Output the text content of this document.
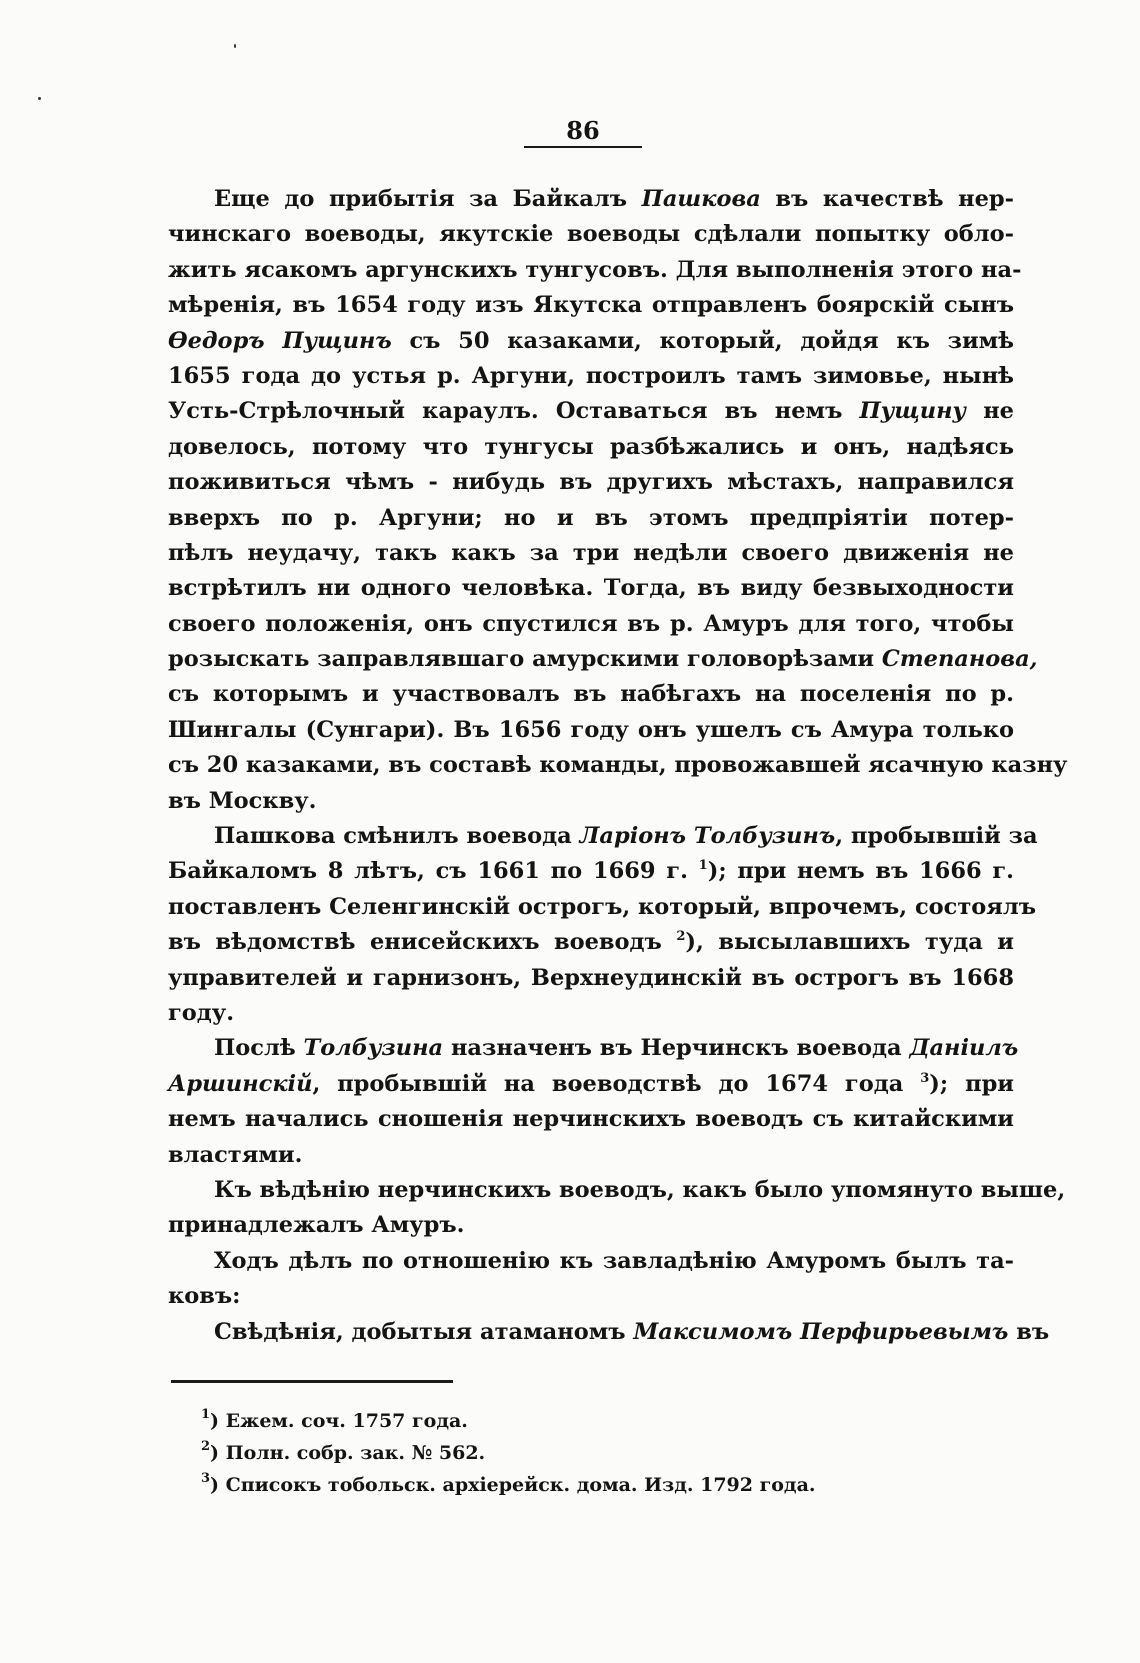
86
Еще до прибытія за Байкалъ Пашкова въ качествѣ нер-
чинскаго воеводы, якутскіе воеводы сдѣлали попытку обло-
жить ясакомъ аргунскихъ тунгусовъ. Для выполненія этого на-
мѣренія, въ 1654 году изъ Якутска отправленъ боярскій сынъ
Ѳедоръ Пущинъ съ 50 казаками, который, дойдя къ зимѣ
1655 года до устья р. Аргуни, построилъ тамъ зимовье, нынѣ
Усть-Стрѣлочный караулъ. Оставаться въ немъ Пущину не
довелось, потому что тунгусы разбѣжались и онъ, надѣясь
поживиться чѣмъ - нибудь въ другихъ мѣстахъ, направился
вверхъ по р. Аргуни; но и въ этомъ предпріятіи потер-
пѣлъ неудачу, такъ какъ за три недѣли своего движенія не
встрѣтилъ ни одного человѣка. Тогда, въ виду безвыходности
своего положенія, онъ спустился въ р. Амуръ для того, чтобы
розыскать заправлявшаго амурскими головорѣзами Степанова,
съ которымъ и участвовалъ въ набѣгахъ на поселенія по р.
Шингалы (Сунгари). Въ 1656 году онъ ушелъ съ Амура только
съ 20 казаками, въ составѣ команды, провожавшей ясачную казну
въ Москву.
Пашкова смѣнилъ воевода Ларіонъ Толбузинъ, пробывшій за
Байкаломъ 8 лѣтъ, съ 1661 по 1669 г. $^1$); при немъ въ 1666 г.
поставленъ Селенгинскій острогъ, который, впрочемъ, состоялъ
въ вѣдомствѣ енисейскихъ воеводъ $^2$), высылавшихъ туда и
управителей и гарнизонъ, Верхнеудинскій въ острогъ въ 1668
году.
Послѣ Толбузина назначенъ въ Нерчинскъ воевода Даніилъ
Аршинскій, пробывшій на воеводствѣ до 1674 года $^3$); при
немъ начались сношенія нерчинскихъ воеводъ съ китайскими
властями.
Къ вѣдѣнію нерчинскихъ воеводъ, какъ было упомянуто выше,
принадлежалъ Амуръ.
Ходъ дѣлъ по отношенію къ завладѣнію Амуромъ былъ та-
ковъ:
Свѣдѣнія, добытыя атаманомъ Максимомъ Перфирьевымъ въ
$^1$) Ежем. соч. 1757 года.
$^2$) Полн. собр. зак. № 562.
$^3$) Списокъ тобольск. архіерейск. дома. Изд. 1792 года.
